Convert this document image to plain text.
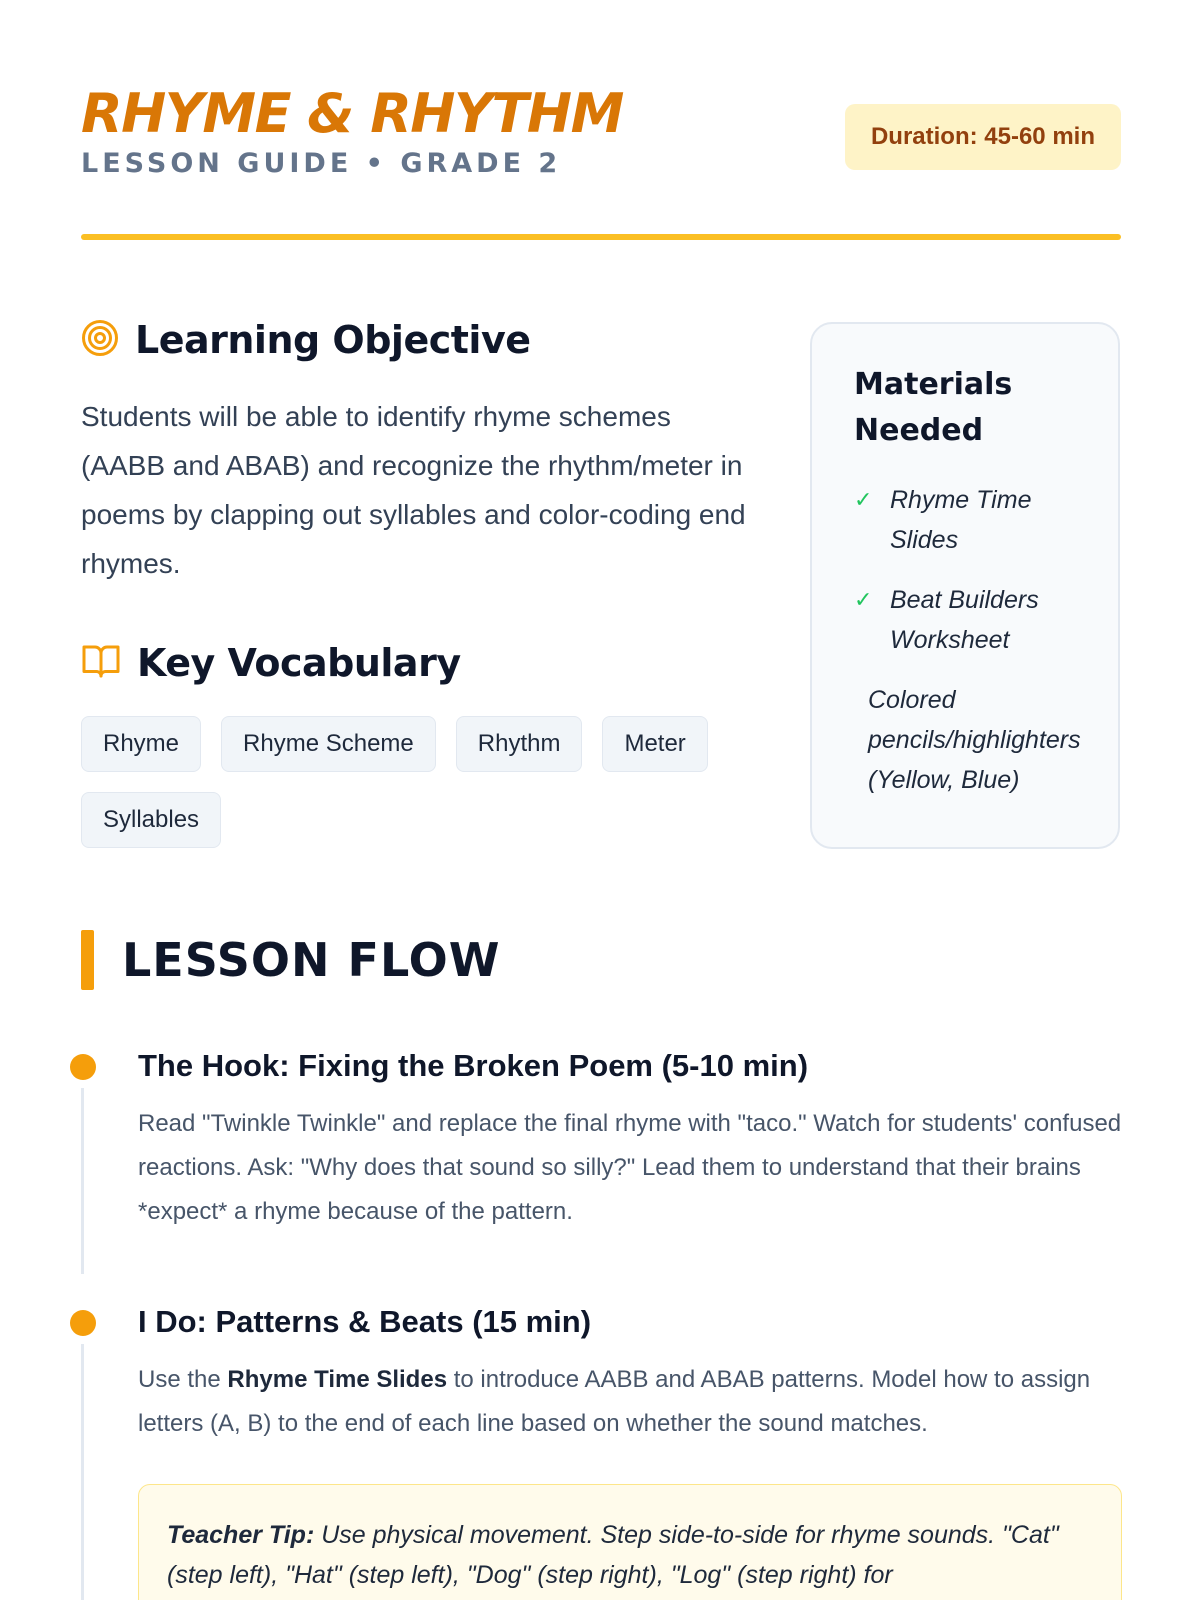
RHYME & RHYTHM
LESSON GUIDE • GRADE 2
Duration: 45-60 min
Learning Objective

Students will be able to identify rhyme schemes (AABB and ABAB) and recognize the rhythm/meter in poems by clapping out syllables and color-coding end rhymes.

Key Vocabulary
Rhyme	Rhyme Scheme	Rhythm	Meter
Syllables
Materials Needed
✓ Rhyme Time Slides
✓ Beat Builders Worksheet
Colored pencils/highlighters (Yellow, Blue)
LESSON FLOW
The Hook: Fixing the Broken Poem (5-10 min)

Read "Twinkle Twinkle" and replace the final rhyme with "taco." Watch for students' confused reactions. Ask: "Why does that sound so silly?" Lead them to understand that their brains *expect* a rhyme because of the pattern.

I Do: Patterns & Beats (15 min)

Use the Rhyme Time Slides to introduce AABB and ABAB patterns. Model how to assign letters (A, B) to the end of each line based on whether the sound matches.

Teacher Tip: Use physical movement. Step side-to-side for rhyme sounds. "Cat" (step left), "Hat" (step left), "Dog" (step right), "Log" (step right) for
